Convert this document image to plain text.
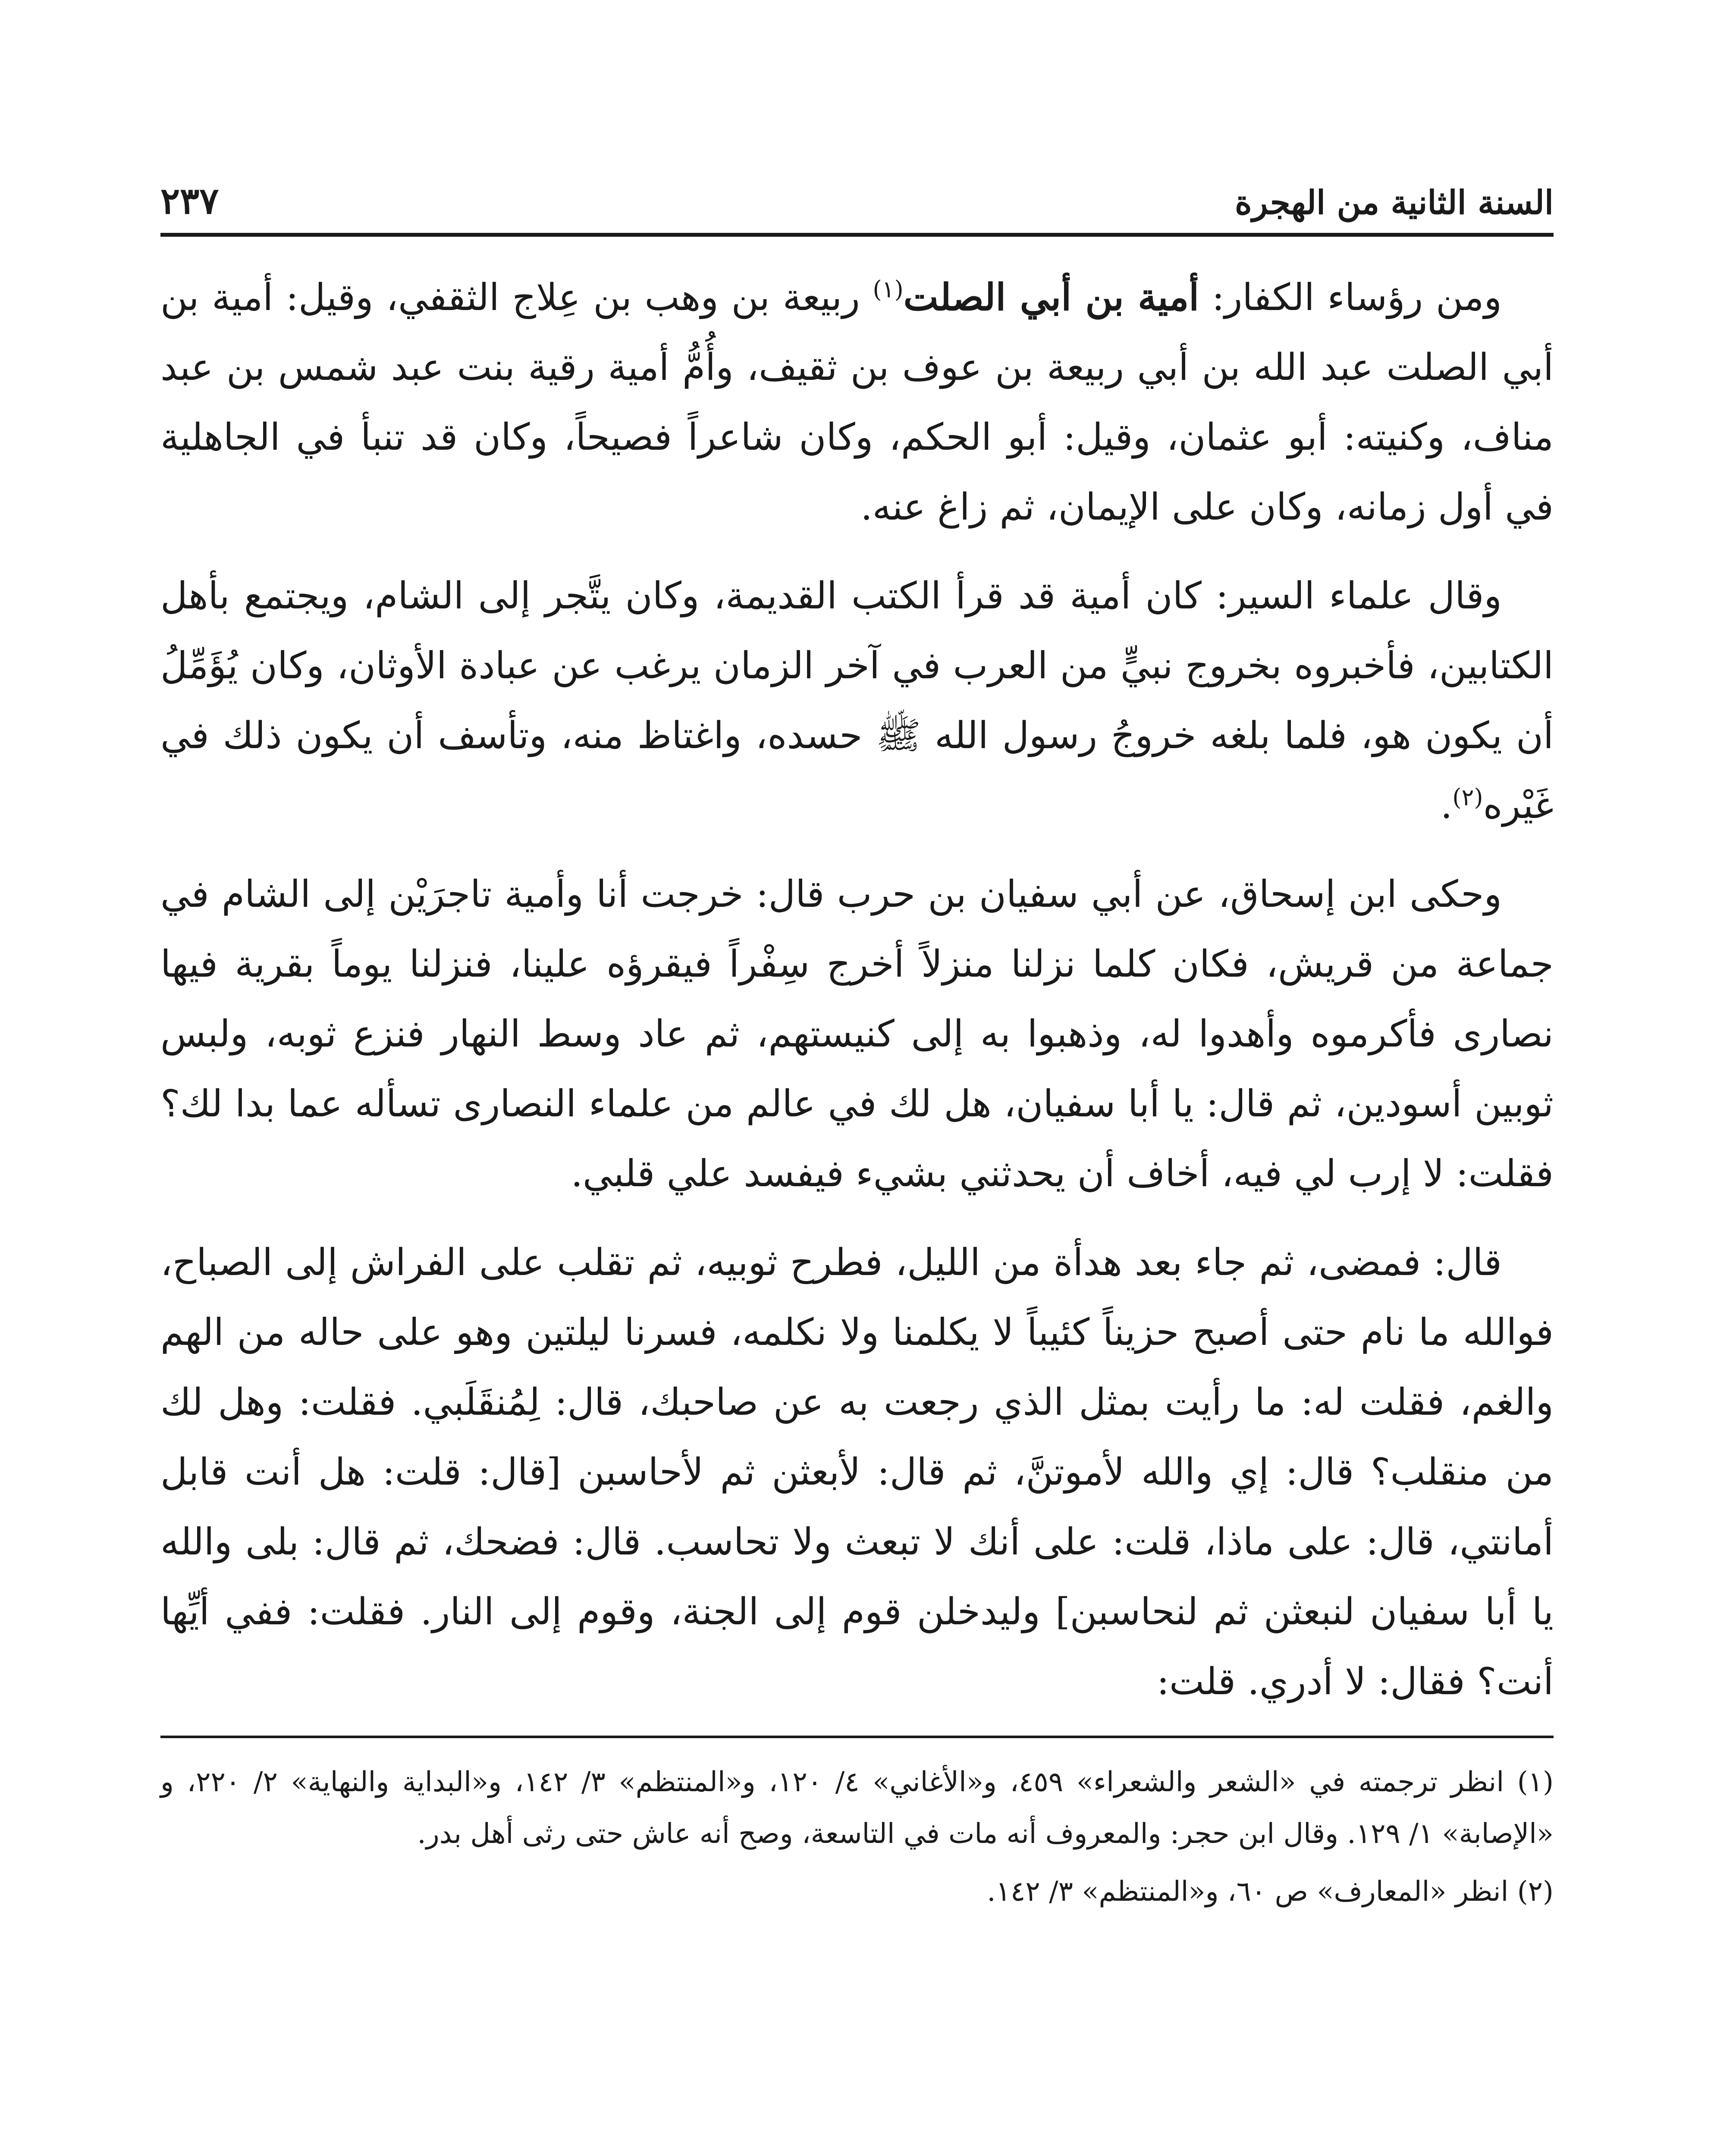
السنة الثانية من الهجرة
٢٣٧

ومن رؤساء الكفار: أمية بن أبي الصلت$^{(١)}$ ربيعة بن وهب بن عِلاج الثقفي، وقيل: أمية بن أبي الصلت عبد الله بن أبي ربيعة بن عوف بن ثقيف، وأُمُّ أمية رقية بنت عبد شمس بن عبد مناف، وكنيته: أبو عثمان، وقيل: أبو الحكم، وكان شاعراً فصيحاً، وكان قد تنبأ في الجاهلية في أول زمانه، وكان على الإيمان، ثم زاغ عنه.

وقال علماء السير: كان أمية قد قرأ الكتب القديمة، وكان يتَّجر إلى الشام، ويجتمع بأهل الكتابين، فأخبروه بخروج نبيٍّ من العرب في آخر الزمان يرغب عن عبادة الأوثان، وكان يُؤَمِّلُ أن يكون هو، فلما بلغه خروجُ رسول الله ﷺ حسده، واغتاظ منه، وتأسف أن يكون ذلك في غَيْره$^{(٢)}$.

وحكى ابن إسحاق، عن أبي سفيان بن حرب قال: خرجت أنا وأمية تاجرَيْن إلى الشام في جماعة من قريش، فكان كلما نزلنا منزلاً أخرج سِفْراً فيقرؤه علينا، فنزلنا يوماً بقرية فيها نصارى فأكرموه وأهدوا له، وذهبوا به إلى كنيستهم، ثم عاد وسط النهار فنزع ثوبه، ولبس ثوبين أسودين، ثم قال: يا أبا سفيان، هل لك في عالم من علماء النصارى تسأله عما بدا لك؟ فقلت: لا إرب لي فيه، أخاف أن يحدثني بشيء فيفسد علي قلبي.

قال: فمضى، ثم جاء بعد هدأة من الليل، فطرح ثوبيه، ثم تقلب على الفراش إلى الصباح، فوالله ما نام حتى أصبح حزيناً كئيباً لا يكلمنا ولا نكلمه، فسرنا ليلتين وهو على حاله من الهم والغم، فقلت له: ما رأيت بمثل الذي رجعت به عن صاحبك، قال: لِمُنقَلَبي. فقلت: وهل لك من منقلب؟ قال: إي والله لأموتنَّ، ثم قال: لأبعثن ثم لأحاسبن [قال: قلت: هل أنت قابل أمانتي، قال: على ماذا، قلت: على أنك لا تبعث ولا تحاسب. قال: فضحك، ثم قال: بلى والله يا أبا سفيان لنبعثن ثم لنحاسبن] وليدخلن قوم إلى الجنة، وقوم إلى النار. فقلت: ففي أيِّها أنت؟ فقال: لا أدري. قلت:

(١) انظر ترجمته في «الشعر والشعراء» ٤٥٩، و«الأغاني» ٤/ ١٢٠، و«المنتظم» ٣/ ١٤٢، و«البداية والنهاية» ٢/ ٢٢٠، و «الإصابة» ١/ ١٢٩. وقال ابن حجر: والمعروف أنه مات في التاسعة، وصح أنه عاش حتى رثى أهل بدر.

(٢) انظر «المعارف» ص ٦٠، و«المنتظم» ٣/ ١٤٢.
